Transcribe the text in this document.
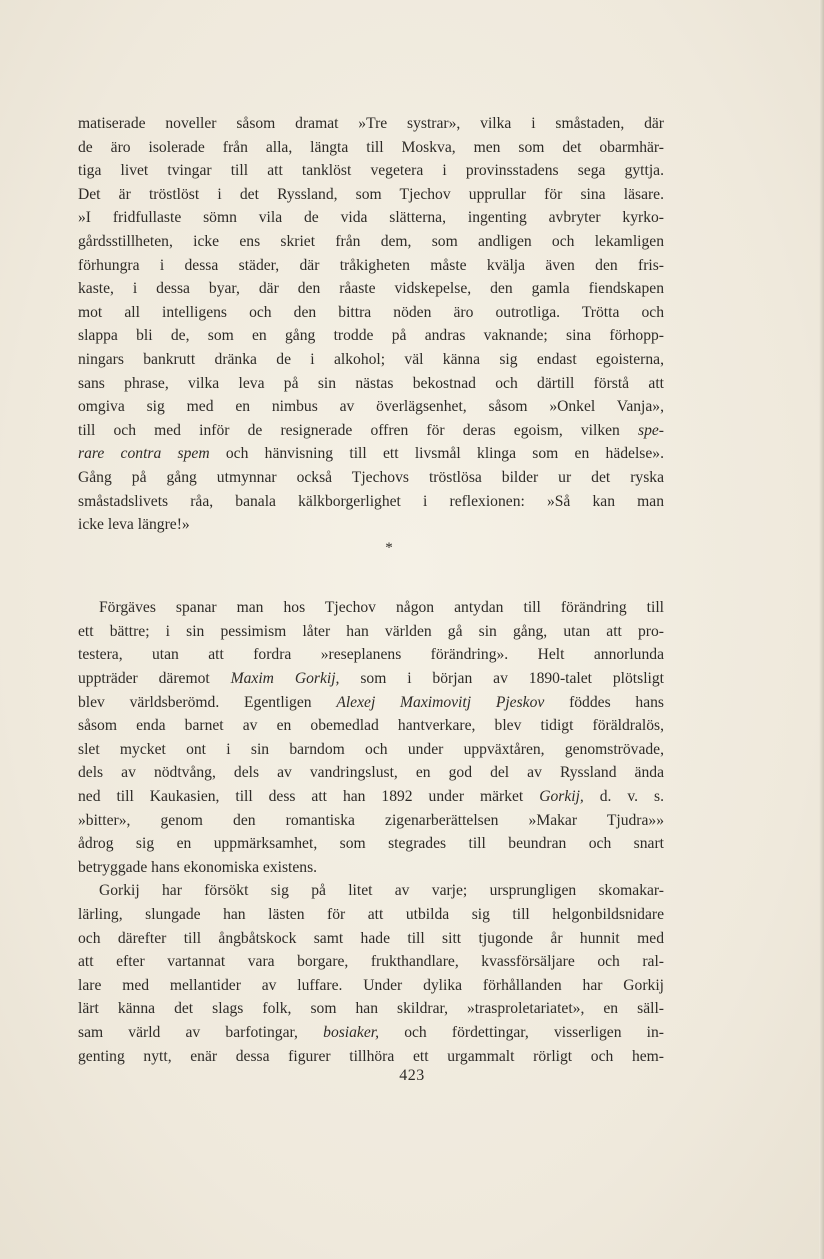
matiserade noveller såsom dramat »Tre systrar», vilka i småstaden, där
de äro isolerade från alla, längta till Moskva, men som det obarmhär-
tiga livet tvingar till att tanklöst vegetera i provinsstadens sega gyttja.
Det är tröstlöst i det Ryssland, som Tjechov upprullar för sina läsare.
»I fridfullaste sömn vila de vida slätterna, ingenting avbryter kyrko-
gårdsstillheten, icke ens skriet från dem, som andligen och lekamligen
förhungra i dessa städer, där tråkigheten måste kvälja även den fris-
kaste, i dessa byar, där den råaste vidskepelse, den gamla fiendskapen
mot all intelligens och den bittra nöden äro outrotliga. Trötta och
slappa bli de, som en gång trodde på andras vaknande; sina förhopp-
ningars bankrutt dränka de i alkohol; väl känna sig endast egoisterna,
sans phrase, vilka leva på sin nästas bekostnad och därtill förstå att
omgiva sig med en nimbus av överlägsenhet, såsom »Onkel Vanja»,
till och med inför de resignerade offren för deras egoism, vilken spe-
rare contra spem och hänvisning till ett livsmål klinga som en hädelse».
Gång på gång utmynnar också Tjechovs tröstlösa bilder ur det ryska
småstadslivets råa, banala kälkborgerlighet i reflexionen: »Så kan man
icke leva längre!»
*
Förgäves spanar man hos Tjechov någon antydan till förändring till
ett bättre; i sin pessimism låter han världen gå sin gång, utan att pro-
testera, utan att fordra »reseplanens förändring». Helt annorlunda
uppträder däremot Maxim Gorkij, som i början av 1890-talet plötsligt
blev världsberömd. Egentligen Alexej Maximovitj Pjeskov föddes hans
såsom enda barnet av en obemedlad hantverkare, blev tidigt föräldralös,
slet mycket ont i sin barndom och under uppväxtåren, genomströvade,
dels av nödtvång, dels av vandringslust, en god del av Ryssland ända
ned till Kaukasien, till dess att han 1892 under märket Gorkij, d. v. s.
»bitter», genom den romantiska zigenarberättelsen »Makar Tjudra»»
ådrog sig en uppmärksamhet, som stegrades till beundran och snart
betryggade hans ekonomiska existens.
Gorkij har försökt sig på litet av varje; ursprungligen skomakar-
lärling, slungade han lästen för att utbilda sig till helgonbildsnidare
och därefter till ångbåtskock samt hade till sitt tjugonde år hunnit med
att efter vartannat vara borgare, frukthandlare, kvassförsäljare och ral-
lare med mellantider av luffare. Under dylika förhållanden har Gorkij
lärt känna det slags folk, som han skildrar, »trasproletariatet», en säll-
sam värld av barfotingar, bosiaker, och fördettingar, visserligen in-
genting nytt, enär dessa figurer tillhöra ett urgammalt rörligt och hem-
423
